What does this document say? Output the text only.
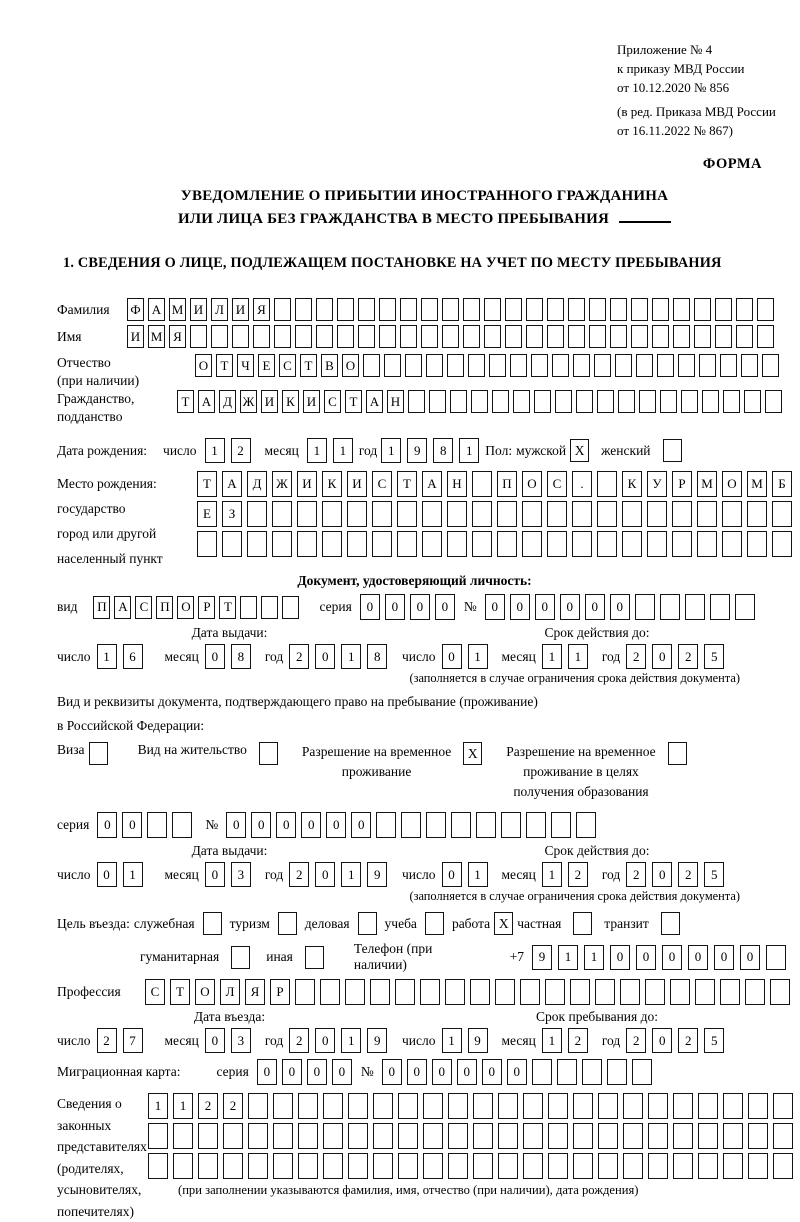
Приложение № 4
к приказу МВД России
от 10.12.2020 № 856
(в ред. Приказа МВД России
от 16.11.2022 № 867)
ФОРМА
УВЕДОМЛЕНИЕ О ПРИБЫТИИ ИНОСТРАННОГО ГРАЖДАНИНА
ИЛИ ЛИЦА БЕЗ ГРАЖДАНСТВА В МЕСТО ПРЕБЫВАНИЯ
1. СВЕДЕНИЯ О ЛИЦЕ, ПОДЛЕЖАЩЕМ ПОСТАНОВКЕ НА УЧЕТ ПО МЕСТУ ПРЕБЫВАНИЯ
Фамилия	Ф А М И Л И Я
Имя	И М Я
Отчество
(при наличии)
О Т Ч Е С Т В О
Гражданство,
подданство
Т А Д Ж И К И С Т А Н
Дата рождения: число	1	2	месяц	1	1 год 1	9	8	1 Пол: мужской X	женский
Место рождения:
государство
город или другой
населенный пункт
Т	А	Д	Ж	И	К	И	С	Т	А	Н	П	О	С	.	К	У	Р	М	О	М	Б
Е	З
Документ, удостоверяющий личность:
вид П А С П О Р	Т	серия	0	0	0	0	№	0	0	0	0	0	0
Дата выдачи:
число 1	6	месяц 0	8	год 2	0	1	8
Срок действия до:
число 0	1	месяц 1	1	год 2	0	2	5
(заполняется в случае ограничения срока действия документа)
Вид и реквизиты документа, подтверждающего право на пребывание (проживание)
в Российской Федерации:
Виза	Вид на жительство	Разрешение на временное
проживание
X	Разрешение на временное
проживание в целях
получения образования
серия	0	0	№	0	0	0	0	0	0
Дата выдачи:
число 0	1	месяц 0	3	год 2	0	1	9
Срок действия до:
число 0	1	месяц 1	2	год 2	0	2	5
(заполняется в случае ограничения срока действия документа)
Цель въезда: служебная	туризм	деловая	учеба	работа X частная	транзит
гуманитарная	иная
Телефон (при наличии)
+7	9	1	1	0	0	0	0	0	0
Профессия	С	Т	О	Л	Я	Р
Дата въезда:
число 2	7	месяц 0	3	год 2	0	1	9
Срок пребывания до:
число 1	9	месяц 1	2	год 2	0	2	5
Миграционная карта:	серия	0	0	0	0	№	0	0	0	0	0	0
Сведения о
законных
представителях
(родителях,
усыновителях,
попечителях)
1	1	2	2
(при заполнении указываются фамилия, имя, отчество (при наличии), дата рождения)
